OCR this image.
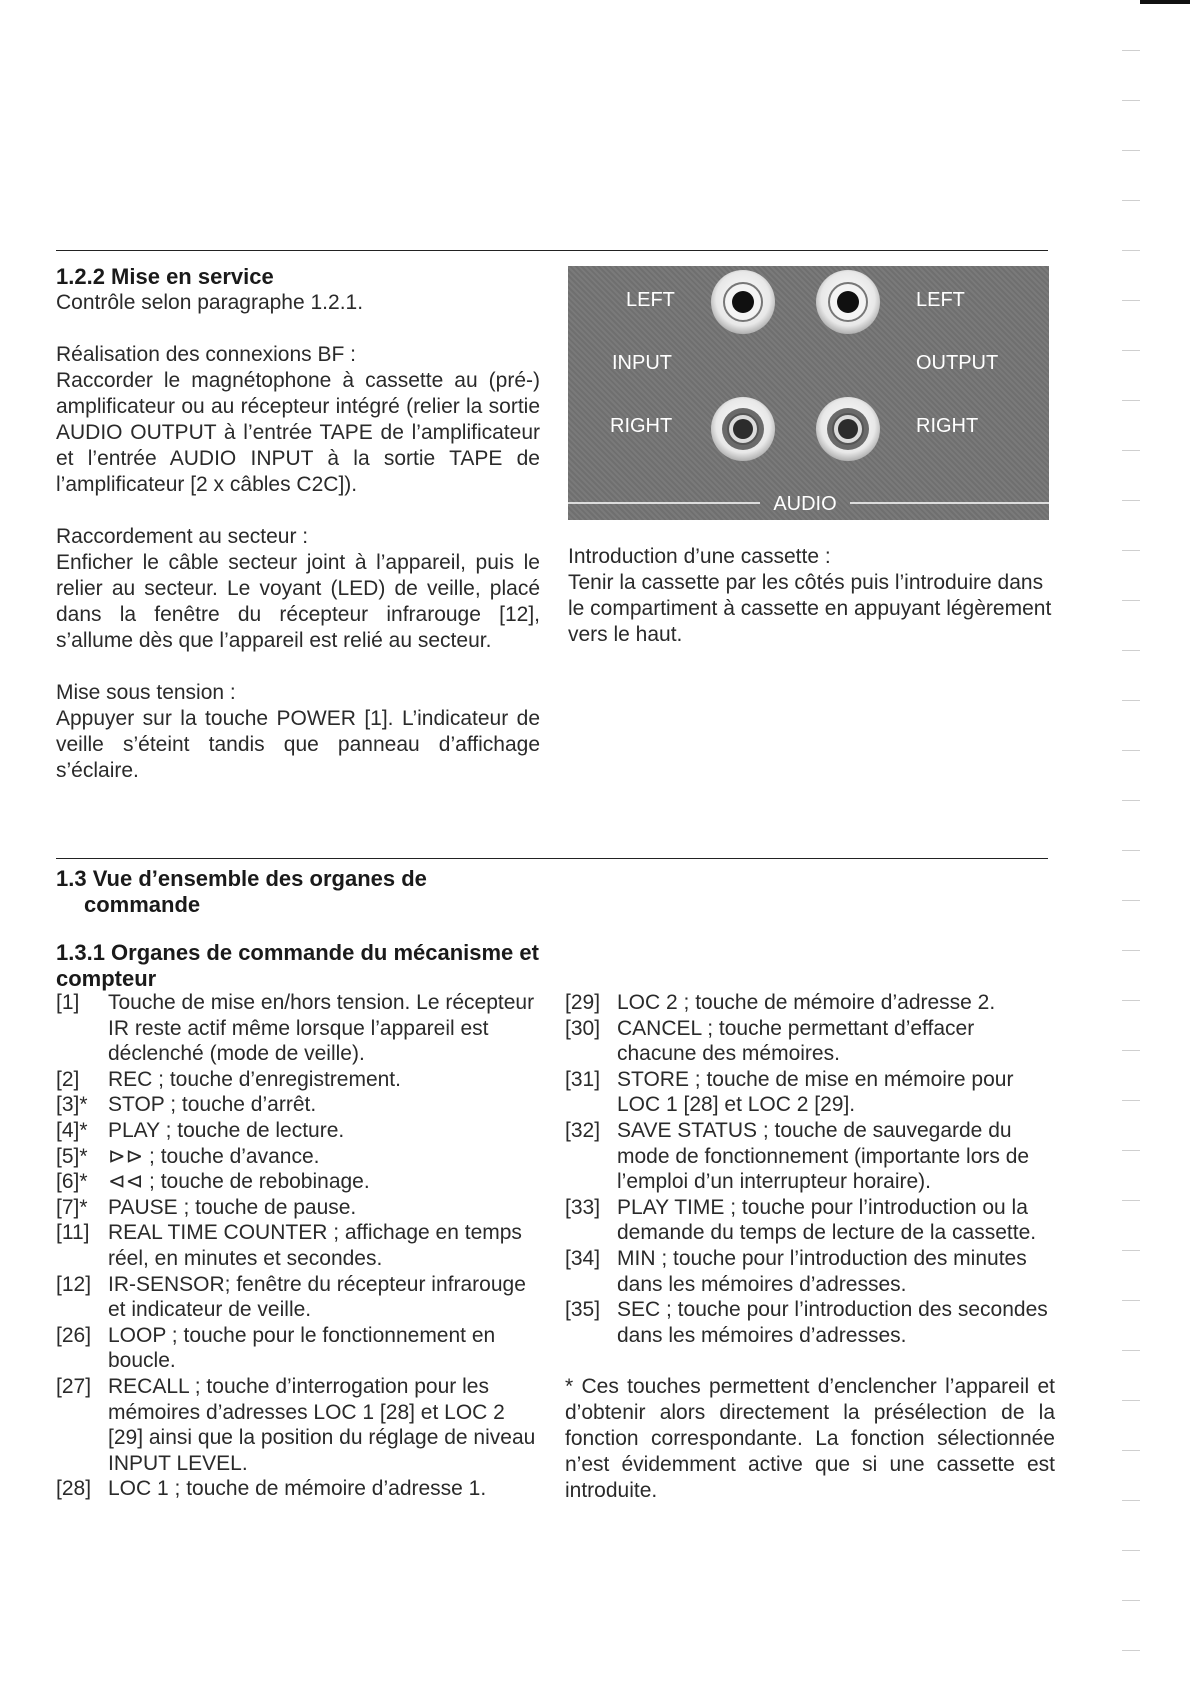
1.2.2 Mise en service

Contrôle selon paragraphe 1.2.1.

Réalisation des connexions BF :

Raccorder le magnétophone à cassette au (pré-) amplificateur ou au récepteur intégré (relier la sortie AUDIO OUTPUT à l’entrée TAPE de l’amplificateur et l’entrée AUDIO INPUT à la sortie TAPE de l’amplificateur [2 x câbles C2C]).

Raccordement au secteur :

Enficher le câble secteur joint à l’appareil, puis le relier au secteur. Le voyant (LED) de veille, placé dans la fenêtre du récepteur infrarouge [12], s’allume dès que l’appareil est relié au secteur.

Mise sous tension :

Appuyer sur la touche POWER [1]. L’indicateur de veille s’éteint tandis que panneau d’affichage s’éclaire.

LEFT
INPUT
RIGHT
LEFT
OUTPUT
RIGHT
AUDIO

Introduction d’une cassette :

Tenir la cassette par les côtés puis l’introduire dans le compartiment à cassette en appuyant légèrement vers le haut.

1.3 Vue d’ensemble des organes de commande
1.3.1 Organes de commande du mécanisme et compteur
[1] Touche de mise en/hors tension. Le récepteur IR reste actif même lorsque l’appareil est déclenché (mode de veille).
[2] REC ; touche d’enregistrement.
[3]* STOP ; touche d’arrêt.
[4]* PLAY ; touche de lecture.
[5]* ⊳⊳ ; touche d’avance.
[6]* ⊲⊲ ; touche de rebobinage.
[7]* PAUSE ; touche de pause.
[11] REAL TIME COUNTER ; affichage en temps réel, en minutes et secondes.
[12] IR-SENSOR; fenêtre du récepteur infrarouge et indicateur de veille.
[26] LOOP ; touche pour le fonctionnement en boucle.
[27] RECALL ; touche d’interrogation pour les mémoires d’adresses LOC 1 [28] et LOC 2 [29] ainsi que la position du réglage de niveau INPUT LEVEL.
[28] LOC 1 ; touche de mémoire d’adresse 1.
[29] LOC 2 ; touche de mémoire d’adresse 2.
[30] CANCEL ; touche permettant d’effacer chacune des mémoires.
[31] STORE ; touche de mise en mémoire pour LOC 1 [28] et LOC 2 [29].
[32] SAVE STATUS ; touche de sauvegarde du mode de fonctionnement (importante lors de l’emploi d’un interrupteur horaire).
[33] PLAY TIME ; touche pour l’introduction ou la demande du temps de lecture de la cassette.
[34] MIN ; touche pour l’introduction des minutes dans les mémoires d’adresses.
[35] SEC ; touche pour l’introduction des secondes dans les mémoires d’adresses.

* Ces touches permettent d’enclencher l’appareil et d’obtenir alors directement la présélection de la fonction correspondante. La fonction sélectionnée n’est évidemment active que si une cassette est introduite.
